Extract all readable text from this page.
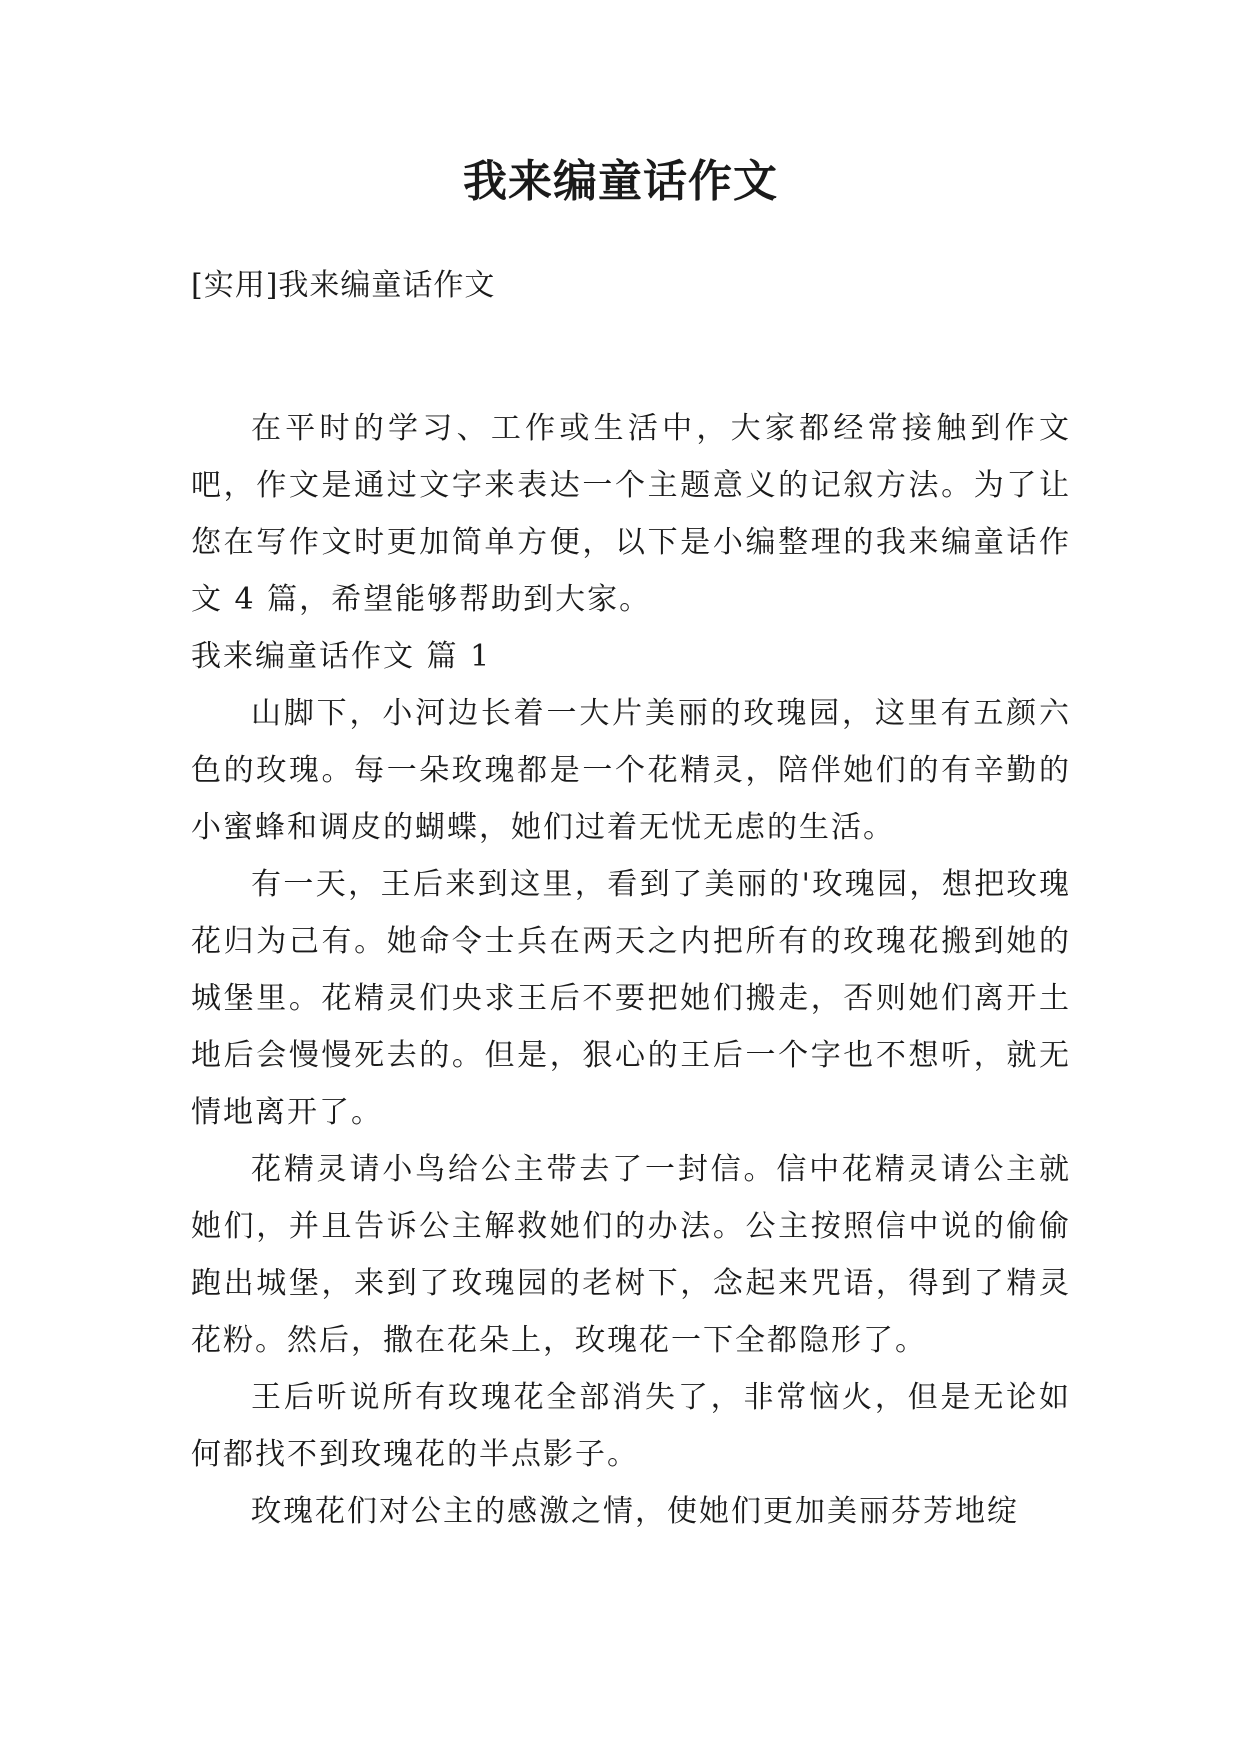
我来编童话作文
[实用]我来编童话作文

在平时的学习、工作或生活中，大家都经常接触到作文吧，作文是通过文字来表达一个主题意义的记叙方法。为了让您在写作文时更加简单方便，以下是小编整理的我来编童话作文 4 篇，希望能够帮助到大家。

我来编童话作文 篇 1

山脚下，小河边长着一大片美丽的玫瑰园，这里有五颜六色的玫瑰。每一朵玫瑰都是一个花精灵，陪伴她们的有辛勤的小蜜蜂和调皮的蝴蝶，她们过着无忧无虑的生活。

有一天，王后来到这里，看到了美丽的'玫瑰园，想把玫瑰花归为己有。她命令士兵在两天之内把所有的玫瑰花搬到她的城堡里。花精灵们央求王后不要把她们搬走，否则她们离开土地后会慢慢死去的。但是，狠心的王后一个字也不想听，就无情地离开了。

花精灵请小鸟给公主带去了一封信。信中花精灵请公主就她们，并且告诉公主解救她们的办法。公主按照信中说的偷偷跑出城堡，来到了玫瑰园的老树下，念起来咒语，得到了精灵花粉。然后，撒在花朵上，玫瑰花一下全都隐形了。

王后听说所有玫瑰花全部消失了，非常恼火，但是无论如何都找不到玫瑰花的半点影子。

玫瑰花们对公主的感激之情，使她们更加美丽芬芳地绽
